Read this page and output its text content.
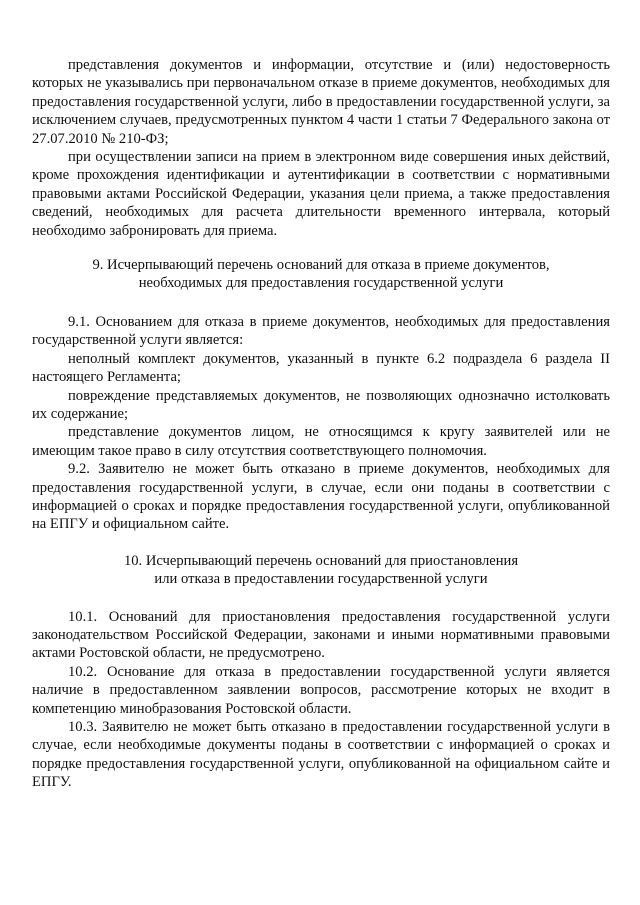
представления документов и информации, отсутствие и (или) недостоверность которых не указывались при первоначальном отказе в приеме документов, необходимых для предоставления государственной услуги, либо в предоставлении государственной услуги, за исключением случаев, предусмотренных пунктом 4 части 1 статьи 7 Федерального закона от 27.07.2010 № 210-ФЗ;

при осуществлении записи на прием в электронном виде совершения иных действий, кроме прохождения идентификации и аутентификации в соответствии с нормативными правовыми актами Российской Федерации, указания цели приема, а также предоставления сведений, необходимых для расчета длительности временного интервала, который необходимо забронировать для приема.

9. Исчерпывающий перечень оснований для отказа в приеме документов,

необходимых для предоставления государственной услуги

9.1. Основанием для отказа в приеме документов, необходимых для предоставления государственной услуги является:

неполный комплект документов, указанный в пункте 6.2 подраздела 6 раздела II настоящего Регламента;

повреждение представляемых документов, не позволяющих однозначно истолковать их содержание;

представление документов лицом, не относящимся к кругу заявителей или не имеющим такое право в силу отсутствия соответствующего полномочия.

9.2. Заявителю не может быть отказано в приеме документов, необходимых для предоставления государственной услуги, в случае, если они поданы в соответствии с информацией о сроках и порядке предоставления государственной услуги, опубликованной на ЕПГУ и официальном сайте.

10. Исчерпывающий перечень оснований для приостановления

или отказа в предоставлении государственной услуги

10.1. Оснований для приостановления предоставления государственной услуги законодательством Российской Федерации, законами и иными нормативными правовыми актами Ростовской области, не предусмотрено.

10.2. Основание для отказа в предоставлении государственной услуги является наличие в предоставленном заявлении вопросов, рассмотрение которых не входит в компетенцию минобразования Ростовской области.

10.3. Заявителю не может быть отказано в предоставлении государственной услуги в случае, если необходимые документы поданы в соответствии с информацией о сроках и порядке предоставления государственной услуги, опубликованной на официальном сайте и ЕПГУ.
